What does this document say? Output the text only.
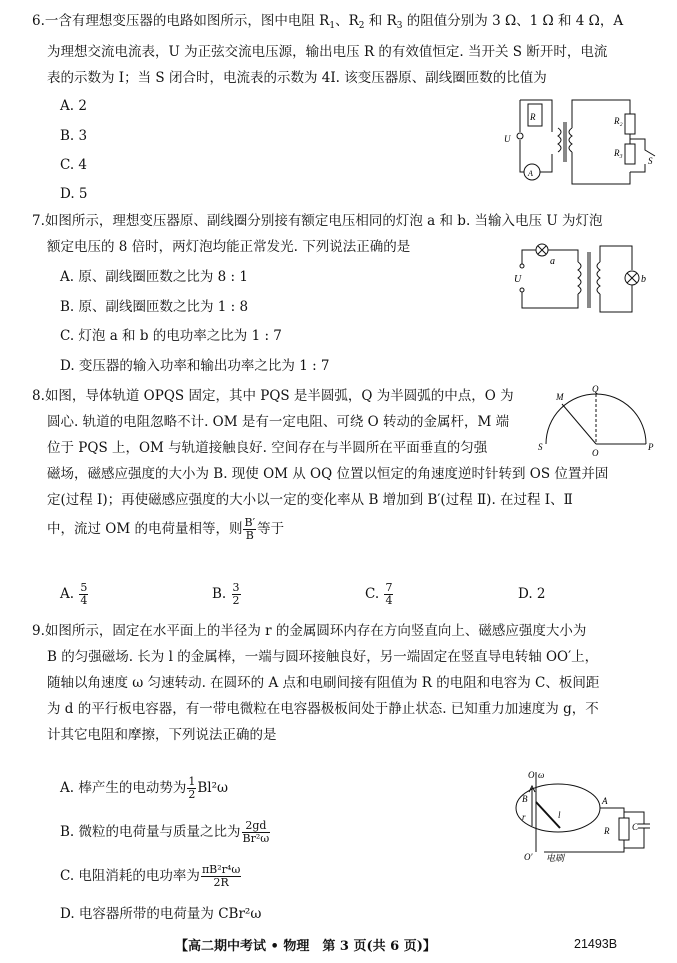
6.一含有理想变压器的电路如图所示，图中电阻 $R_1$、$R_2$ 和 $R_3$ 的阻值分别为 3 Ω、1 Ω 和 4 Ω，A
为理想交流电流表，U 为正弦交流电压源，输出电压 R 的有效值恒定. 当开关 S 断开时，电流
表的示数为 I；当 S 闭合时，电流表的示数为 4I. 该变压器原、副线圈匝数的比值为
A. 2
B. 3
C. 4
D. 5
R	R₂
R₃
U
A
S
7.如图所示，理想变压器原、副线圈分别接有额定电压相同的灯泡 a 和 b. 当输入电压 U 为灯泡
额定电压的 8 倍时，两灯泡均能正常发光. 下列说法正确的是
A. 原、副线圈匝数之比为 8 : 1
B. 原、副线圈匝数之比为 1 : 8
C. 灯泡 a 和 b 的电功率之比为 1 : 7
D. 变压器的输入功率和输出功率之比为 1 : 7
a
b
U
8.如图，导体轨道 OPQS 固定，其中 PQS 是半圆弧，Q 为半圆弧的中点，O 为
圆心. 轨道的电阻忽略不计. OM 是有一定电阻、可绕 O 转动的金属杆，M 端
位于 PQS 上，OM 与轨道接触良好. 空间存在与半圆所在平面垂直的匀强
磁场，磁感应强度的大小为 B. 现使 OM 从 OQ 位置以恒定的角速度逆时针转到 OS 位置并固
定(过程 Ⅰ)；再使磁感应强度的大小以一定的变化率从 B 增加到 B′(过程 Ⅱ). 在过程 Ⅰ、Ⅱ
中，流过 OM 的电荷量相等，则 $\frac{B'}{B}$ 等于
A. $\frac{5}{4}$	B. $\frac{3}{2}$	C. $\frac{7}{4}$	D. 2
M
Q
S
O
P
9.如图所示，固定在水平面上的半径为 r 的金属圆环内存在方向竖直向上、磁感应强度大小为
B 的匀强磁场. 长为 l 的金属棒，一端与圆环接触良好，另一端固定在竖直导电转轴 OO′上，
随轴以角速度 ω 匀速转动. 在圆环的 A 点和电刷间接有阻值为 R 的电阻和电容为 C、板间距
为 d 的平行板电容器，有一带电微粒在电容器极板间处于静止状态. 已知重力加速度为 g，不
计其它电阻和摩擦，下列说法正确的是
A. 棒产生的电动势为 $\frac{1}{2} Bl^2\omega$
B. 微粒的电荷量与质量之比为 $\frac{2gd}{\text{Br²ω}}$
C. 电阻消耗的电功率为 $\frac{\text{πB²r⁴ω}}{2R}$
D. 电容器所带的电荷量为 CBr²ω
O ω
B
r	l
A
R	C
O′ 电刷
【高二期中考试 • 物理　第 3 页(共 6 页)】	21493B
